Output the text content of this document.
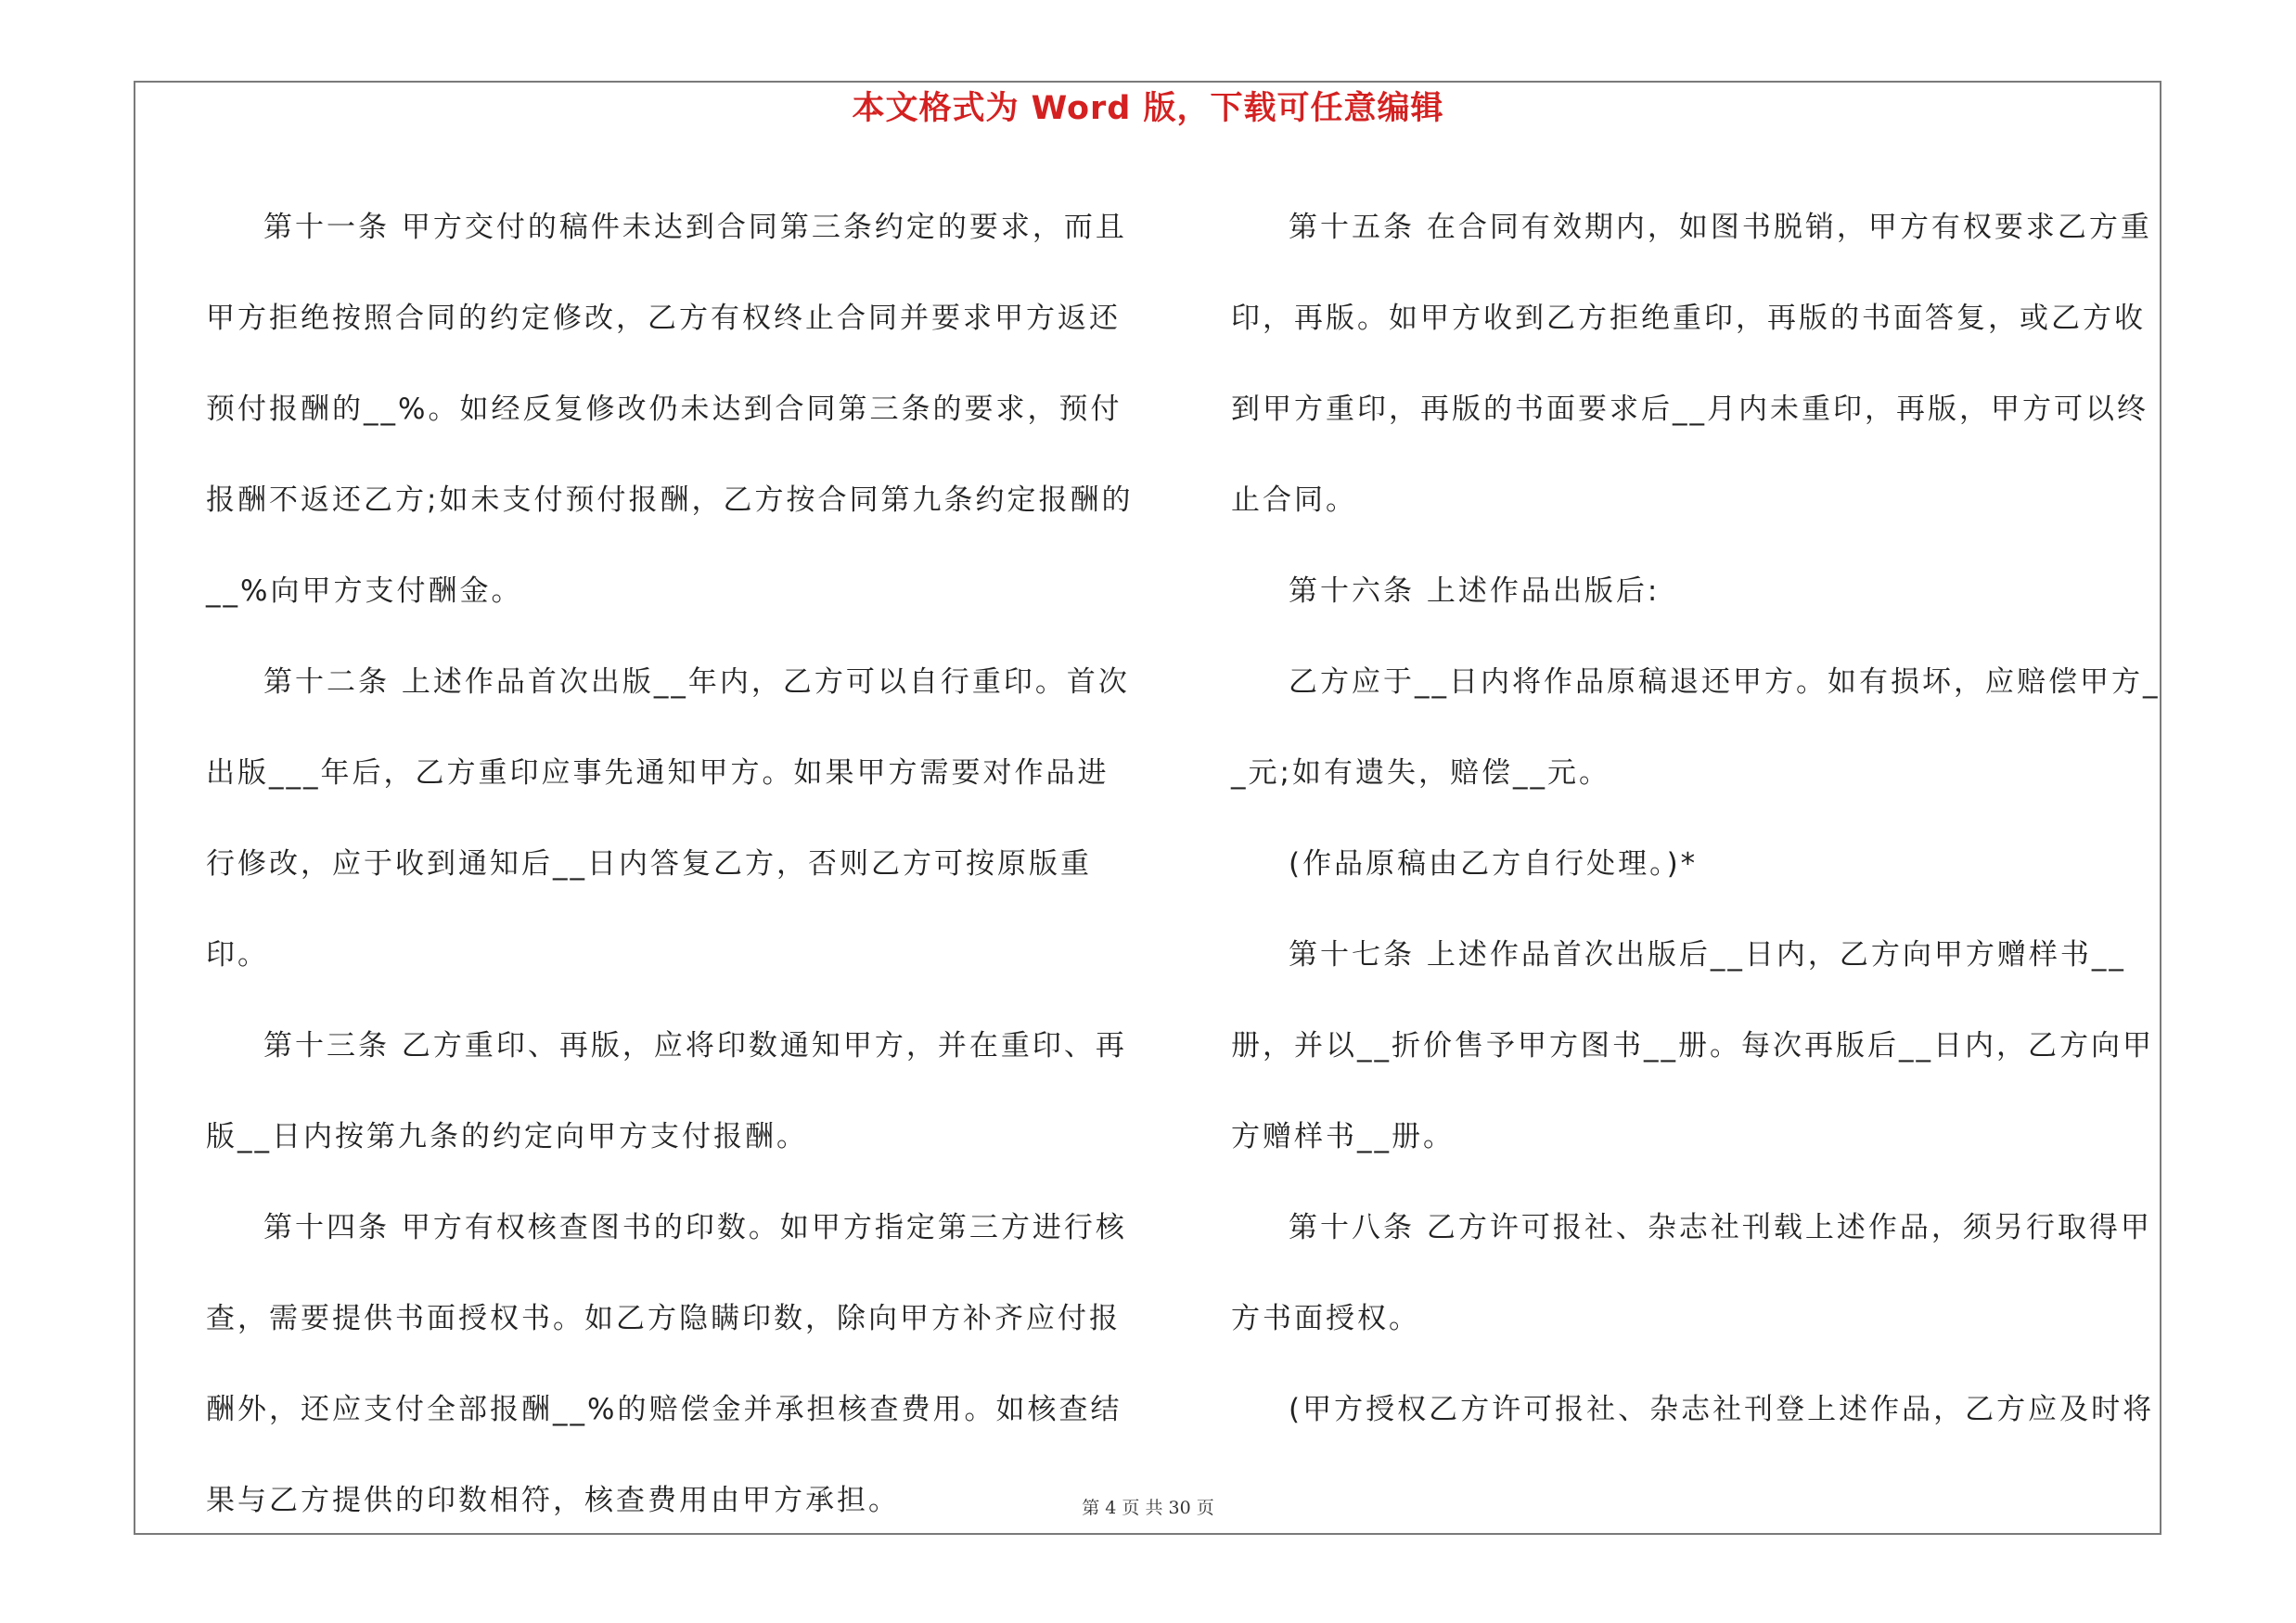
本文格式为 Word 版，下载可任意编辑

第十一条 甲方交付的稿件未达到合同第三条约定的要求，而且甲方拒绝按照合同的约定修改，乙方有权终止合同并要求甲方返还预付报酬的__%。如经反复修改仍未达到合同第三条的要求，预付报酬不返还乙方;如未支付预付报酬，乙方按合同第九条约定报酬的__%向甲方支付酬金。

第十二条 上述作品首次出版__年内，乙方可以自行重印。首次出版___年后，乙方重印应事先通知甲方。如果甲方需要对作品进行修改，应于收到通知后__日内答复乙方，否则乙方可按原版重印。

第十三条 乙方重印、再版，应将印数通知甲方，并在重印、再版__日内按第九条的约定向甲方支付报酬。

第十四条 甲方有权核查图书的印数。如甲方指定第三方进行核查，需要提供书面授权书。如乙方隐瞒印数，除向甲方补齐应付报酬外，还应支付全部报酬__%的赔偿金并承担核查费用。如核查结果与乙方提供的印数相符，核查费用由甲方承担。

第十五条 在合同有效期内，如图书脱销，甲方有权要求乙方重印，再版。如甲方收到乙方拒绝重印，再版的书面答复，或乙方收到甲方重印，再版的书面要求后__月内未重印，再版，甲方可以终止合同。

第十六条 上述作品出版后:

乙方应于__日内将作品原稿退还甲方。如有损坏，应赔偿甲方__元;如有遗失，赔偿__元。

(作品原稿由乙方自行处理。)*

第十七条 上述作品首次出版后__日内，乙方向甲方赠样书__册，并以__折价售予甲方图书__册。每次再版后__日内，乙方向甲方赠样书__册。

第十八条 乙方许可报社、杂志社刊载上述作品，须另行取得甲方书面授权。

(甲方授权乙方许可报社、杂志社刊登上述作品，乙方应及时将

第 4 页 共 30 页
